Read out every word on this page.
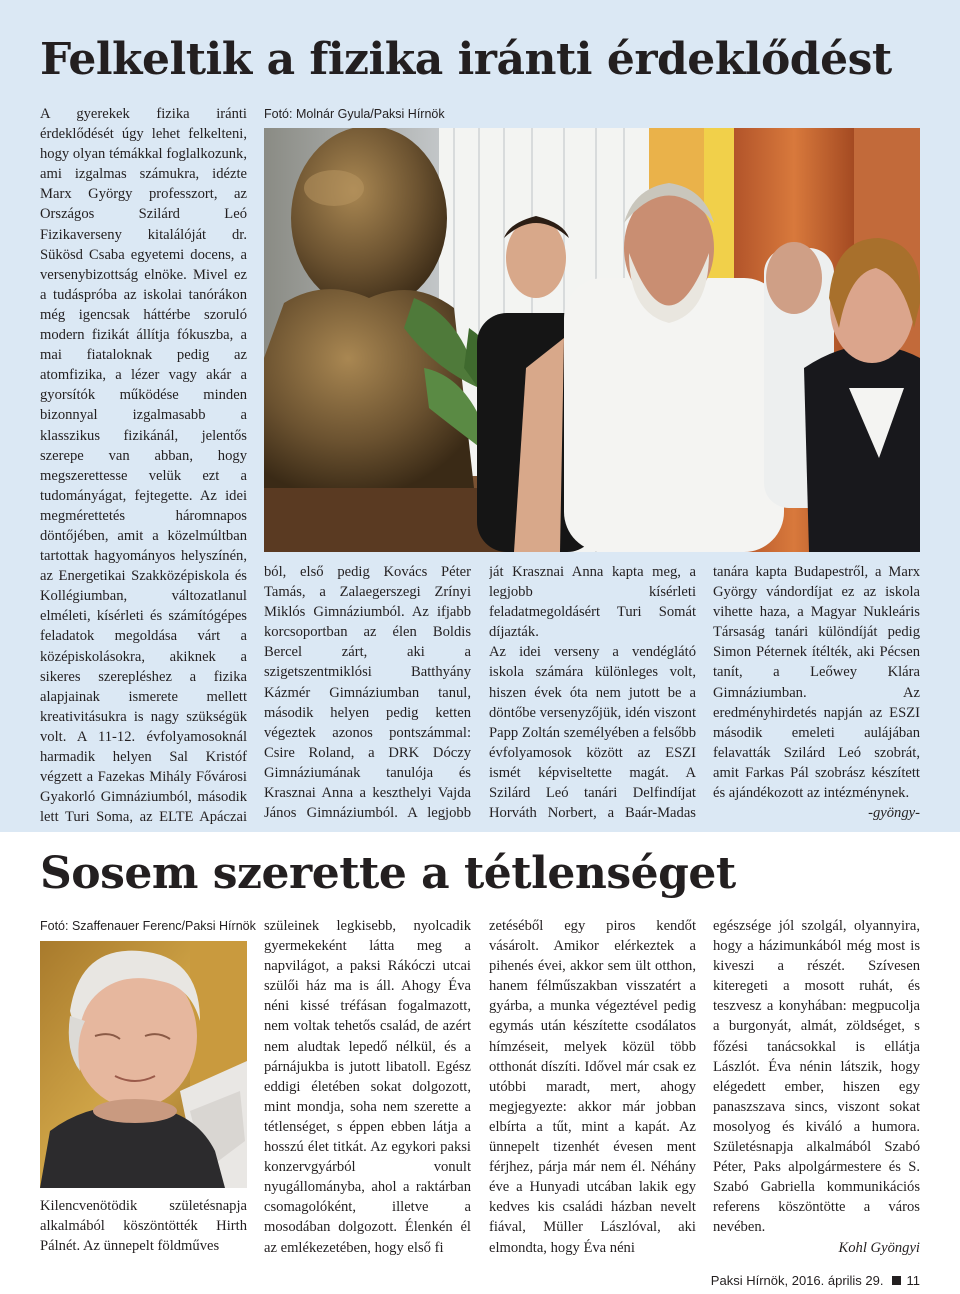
Felkeltik a fizika iránti érdeklődést

A gyerekek fizika iránti érdeklődését úgy lehet felkelteni, hogy olyan témákkal foglalkozunk, ami izgalmas számukra, idézte Marx György professzort, az Országos Szilárd Leó Fizikaverseny kitalálóját dr. Sükösd Csaba egyetemi docens, a versenybizottság elnöke. Mivel ez a tudáspróba az iskolai tanórákon még igencsak háttérbe szoruló modern fizikát állítja fókuszba, a mai fiataloknak pedig az atomfizika, a lézer vagy akár a gyorsítók működése minden bizonnyal izgalmasabb a klasszikus fizikánál, jelentős szerepe van abban, hogy megszerettesse velük ezt a tudományágat, fejtegette. Az idei megmérettetés háromnapos döntőjében, amit a közelmúltban tartottak hagyományos helyszínén, az Energetikai Szakközépiskola és Kollégiumban, változatlanul elméleti, kísérleti és számítógépes feladatok megoldása várt a középiskolásokra, akiknek a sikeres szerepléshez a fizika alapjainak ismerete mellett kreativitásukra is nagy szükségük volt. A 11-12. évfolyamosoknál harmadik helyen Sal Kristóf végzett a Fazekas Mihály Fővárosi Gyakorló Gimnáziumból, második lett Turi Soma, az ELTE Apáczai

Fotó: Molnár Gyula/Paksi Hírnök

ból, első pedig Kovács Péter Tamás, a Zalaegerszegi Zrínyi Miklós Gimnáziumból. Az ifjabb korcsoportban az élen Boldis Bercel zárt, aki a szigetszentmiklósi Batthyány Kázmér Gimnáziumban tanul, második helyen pedig ketten végeztek azonos pontszámmal: Csire Roland, a DRK Dóczy Gimnáziumának tanulója és Krasznai Anna a keszthelyi Vajda János Gimnáziumból. A legjobb

ját Krasznai Anna kapta meg, a legjobb kísérleti feladatmegoldásért Turi Somát díjazták.

Az idei verseny a vendéglátó iskola számára különleges volt, hiszen évek óta nem jutott be a döntőbe versenyzőjük, idén viszont Papp Zoltán személyében a felsőbb évfolyamosok között az ESZI ismét képviseltette magát. A Szilárd Leó tanári Delfindíjat Horváth Norbert, a Baár-Madas

tanára kapta Budapestről, a Marx György vándordíjat ez az iskola vihette haza, a Magyar Nukleáris Társaság tanári különdíját pedig Simon Péternek ítélték, aki Pécsen tanít, a Leőwey Klára Gimnáziumban. Az eredményhirdetés napján az ESZI második emeleti aulájában felavatták Szilárd Leó szobrát, amit Farkas Pál szobrász készített és ajándékozott az intézménynek.

-gyöngy-

Sosem szerette a tétlenséget
Fotó: Szaffenauer Ferenc/Paksi Hírnök

Kilencvenötödik születésnapja alkalmából köszöntötték Hirth Pálnét. Az ünnepelt földműves

szüleinek legkisebb, nyolcadik gyermekeként látta meg a napvilágot, a paksi Rákóczi utcai szülői ház ma is áll. Ahogy Éva néni kissé tréfásan fogalmazott, nem voltak tehetős család, de azért nem aludtak lepedő nélkül, és a párnájukba is jutott libatoll. Egész eddigi életében sokat dolgozott, mint mondja, soha nem szerette a tétlenséget, s éppen ebben látja a hosszú élet titkát. Az egykori paksi konzervgyárból vonult nyugállományba, ahol a raktárban csomagolóként, illetve a mosodában dolgozott. Élenkén él az emlékezetében, hogy első fi

zetéséből egy piros kendőt vásárolt. Amikor elérkeztek a pihenés évei, akkor sem ült otthon, hanem félműszakban visszatért a gyárba, a munka végeztével pedig egymás után készítette csodálatos hímzéseit, melyek közül több otthonát díszíti. Idővel már csak ez utóbbi maradt, mert, ahogy megjegyezte: akkor már jobban elbírta a tűt, mint a kapát. Az ünnepelt tizenhét évesen ment férjhez, párja már nem él. Néhány éve a Hunyadi utcában lakik egy kedves kis családi házban nevelt fiával, Müller Lászlóval, aki elmondta, hogy Éva néni

egészsége jól szolgál, olyannyira, hogy a házimunkából még most is kiveszi a részét. Szívesen kiteregeti a mosott ruhát, és teszvesz a konyhában: megpucolja a burgonyát, almát, zöldséget, s főzési tanácsokkal is ellátja Lászlót. Éva nénin látszik, hogy elégedett ember, hiszen egy panaszszava sincs, viszont sokat mosolyog és kiváló a humora. Születésnapja alkalmából Szabó Péter, Paks alpolgármestere és S. Szabó Gabriella kommunikációs referens köszöntötte a város nevében.

Kohl Gyöngyi

Paksi Hírnök, 2016. április 29. 11
